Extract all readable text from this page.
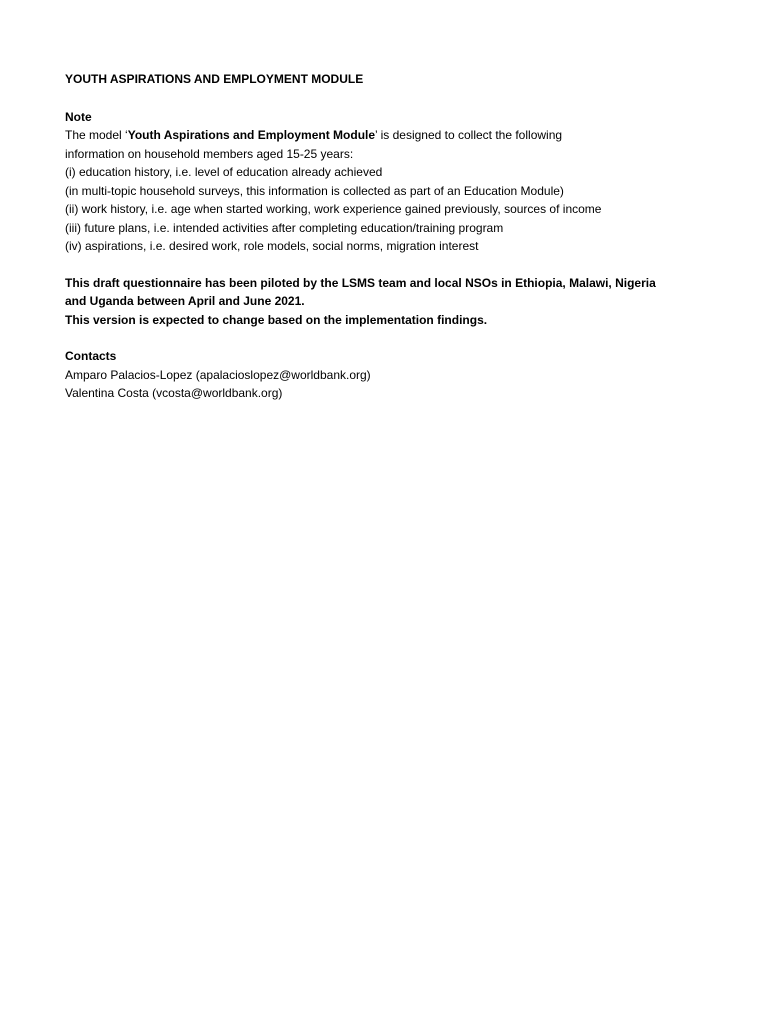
YOUTH ASPIRATIONS AND EMPLOYMENT MODULE

Note

The model ‘Youth Aspirations and Employment Module’ is designed to collect the following

information on household members aged 15-25 years:

(i) education history, i.e. level of education already achieved

(in multi-topic household surveys, this information is collected as part of an Education Module)

(ii) work history, i.e. age when started working, work experience gained previously, sources of income

(iii) future plans, i.e. intended activities after completing education/training program

(iv) aspirations, i.e. desired work, role models, social norms, migration interest

This draft questionnaire has been piloted by the LSMS team and local NSOs in Ethiopia, Malawi, Nigeria

and Uganda between April and June 2021.

This version is expected to change based on the implementation findings.

Contacts

Amparo Palacios-Lopez (apalacioslopez@worldbank.org)

Valentina Costa (vcosta@worldbank.org)
